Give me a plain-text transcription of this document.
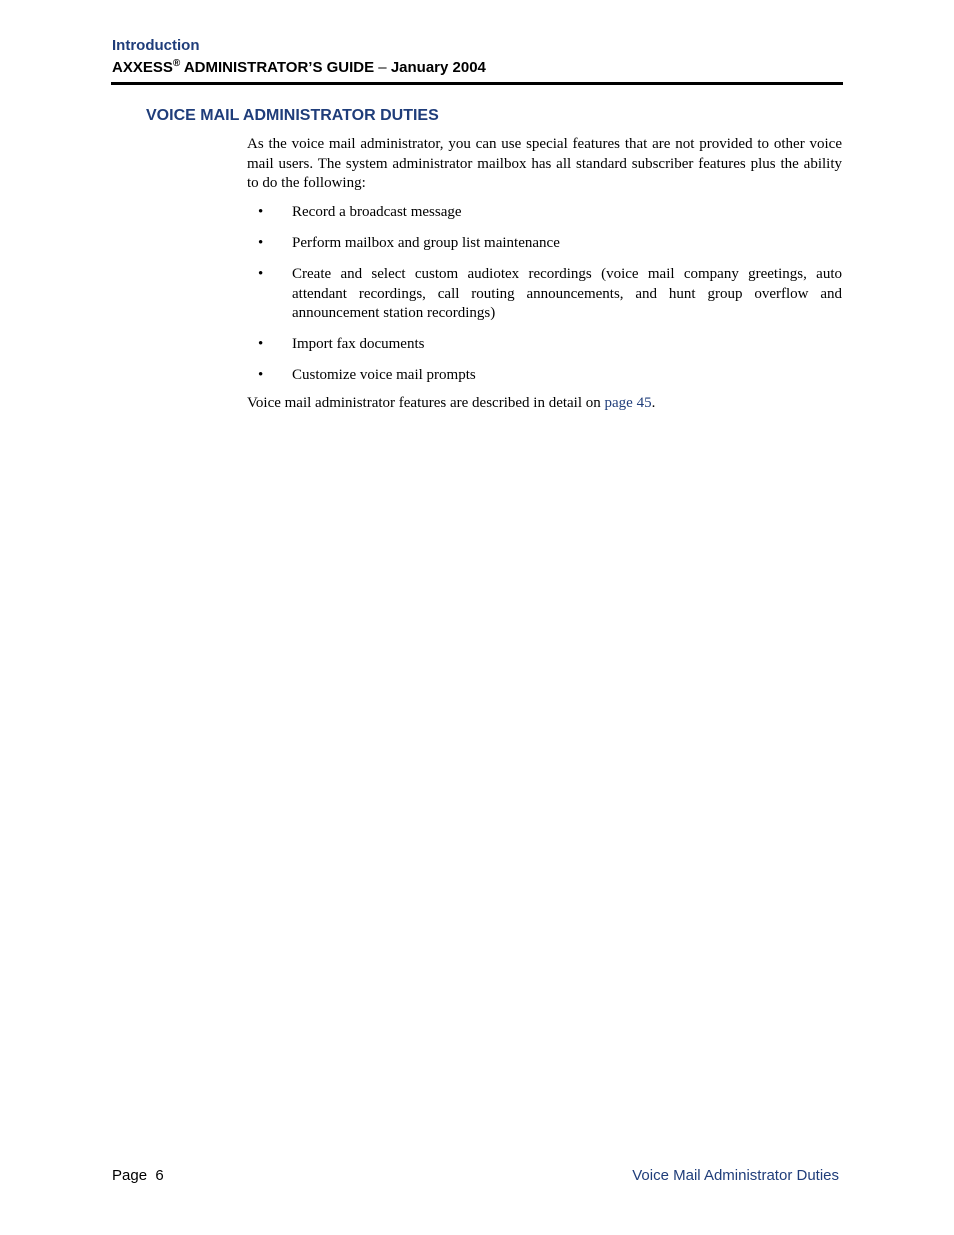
Introduction
AXXESS® ADMINISTRATOR’S GUIDE – January 2004
VOICE MAIL ADMINISTRATOR DUTIES

As the voice mail administrator, you can use special features that are not provided to other voice mail users. The system administrator mailbox has all standard subscriber features plus the ability to do the following:

• Record a broadcast message
• Perform mailbox and group list maintenance
• Create and select custom audiotex recordings (voice mail company greetings, auto attendant recordings, call routing announcements, and hunt group overflow and announcement station recordings)
• Import fax documents
• Customize voice mail prompts

Voice mail administrator features are described in detail on page 45.

Page  6	Voice Mail Administrator Duties
